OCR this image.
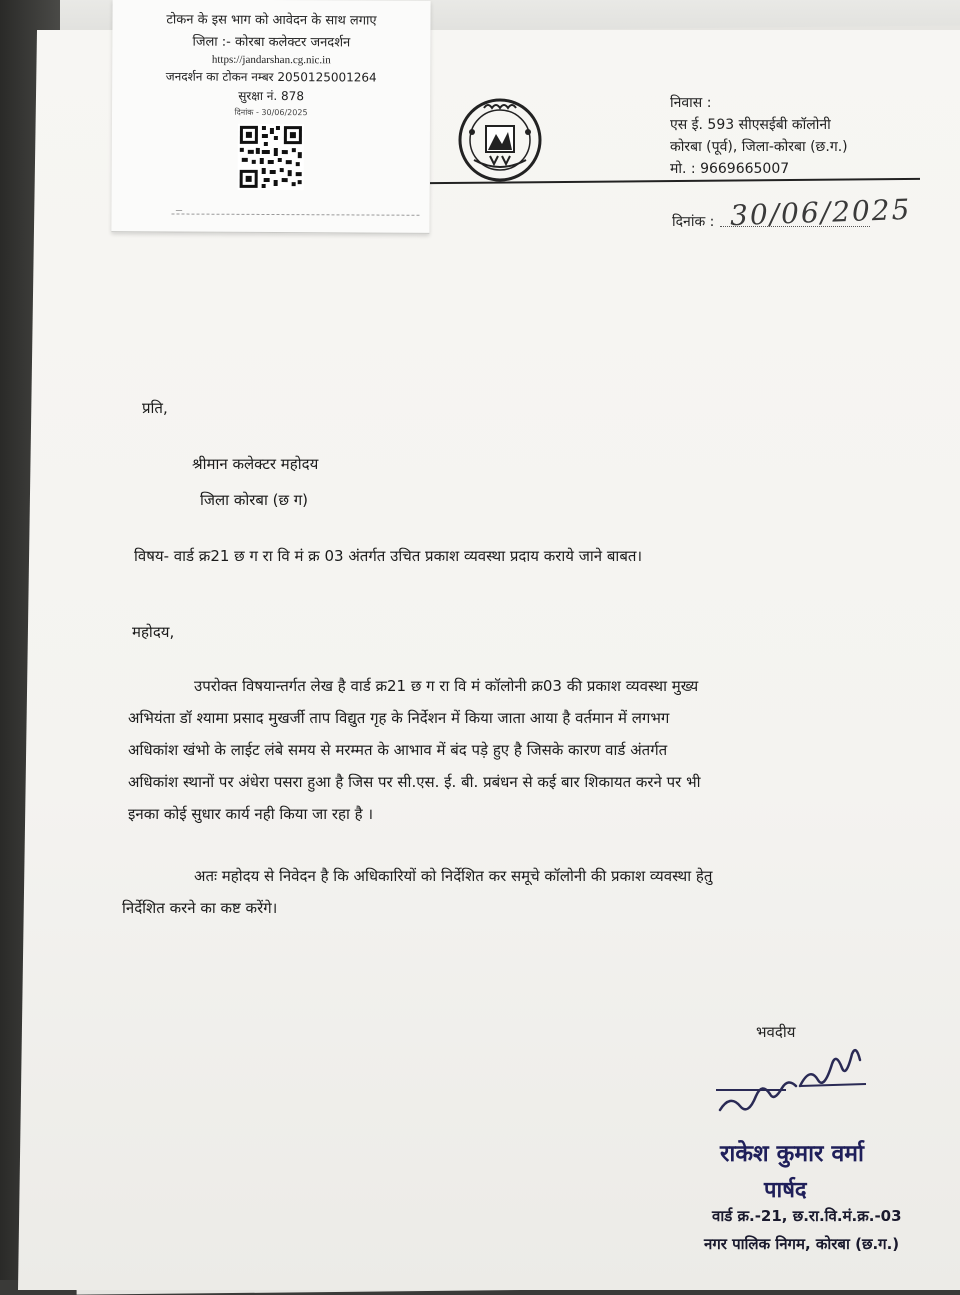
टोकन के इस भाग को आवेदन के साथ लगाए
जिला :- कोरबा कलेक्टर जनदर्शन
https://jandarshan.cg.nic.in
जनदर्शन का टोकन नम्बर 2050125001264
सुरक्षा नं. 878
दिनांक - 30/06/2025
—
निवास :
एस ई. 593 सीएसईबी कॉलोनी
कोरबा (पूर्व), जिला-कोरबा (छ.ग.)
मो. : 9669665007
दिनांक : 30/06/2025
प्रति,
श्रीमान कलेक्टर महोदय
जिला कोरबा (छ ग)
विषय- वार्ड क्र21 छ ग रा वि मं क्र 03 अंतर्गत उचित प्रकाश व्यवस्था प्रदाय कराये जाने बाबत।
महोदय,
उपरोक्त विषयान्तर्गत लेख है वार्ड क्र21 छ ग रा वि मं कॉलोनी क्र03 की प्रकाश व्यवस्था मुख्य
अभियंता डॉ श्यामा प्रसाद मुखर्जी ताप विद्युत गृह के निर्देशन में किया जाता आया है वर्तमान में लगभग
अधिकांश खंभो के लाईट लंबे समय से मरम्मत के आभाव में बंद पड़े हुए है जिसके कारण वार्ड अंतर्गत
अधिकांश स्थानों पर अंधेरा पसरा हुआ है जिस पर सी.एस. ई. बी. प्रबंधन से कई बार शिकायत करने पर भी
इनका कोई सुधार कार्य नही किया जा रहा है ।
अतः महोदय से निवेदन है कि अधिकारियों को निर्देशित कर समूचे कॉलोनी की प्रकाश व्यवस्था हेतु
निर्देशित करने का कष्ट करेंगे।
भवदीय
राकेश कुमार वर्मा
पार्षद
वार्ड क्र.-21, छ.रा.वि.मं.क्र.-03
नगर पालिक निगम, कोरबा (छ.ग.)
